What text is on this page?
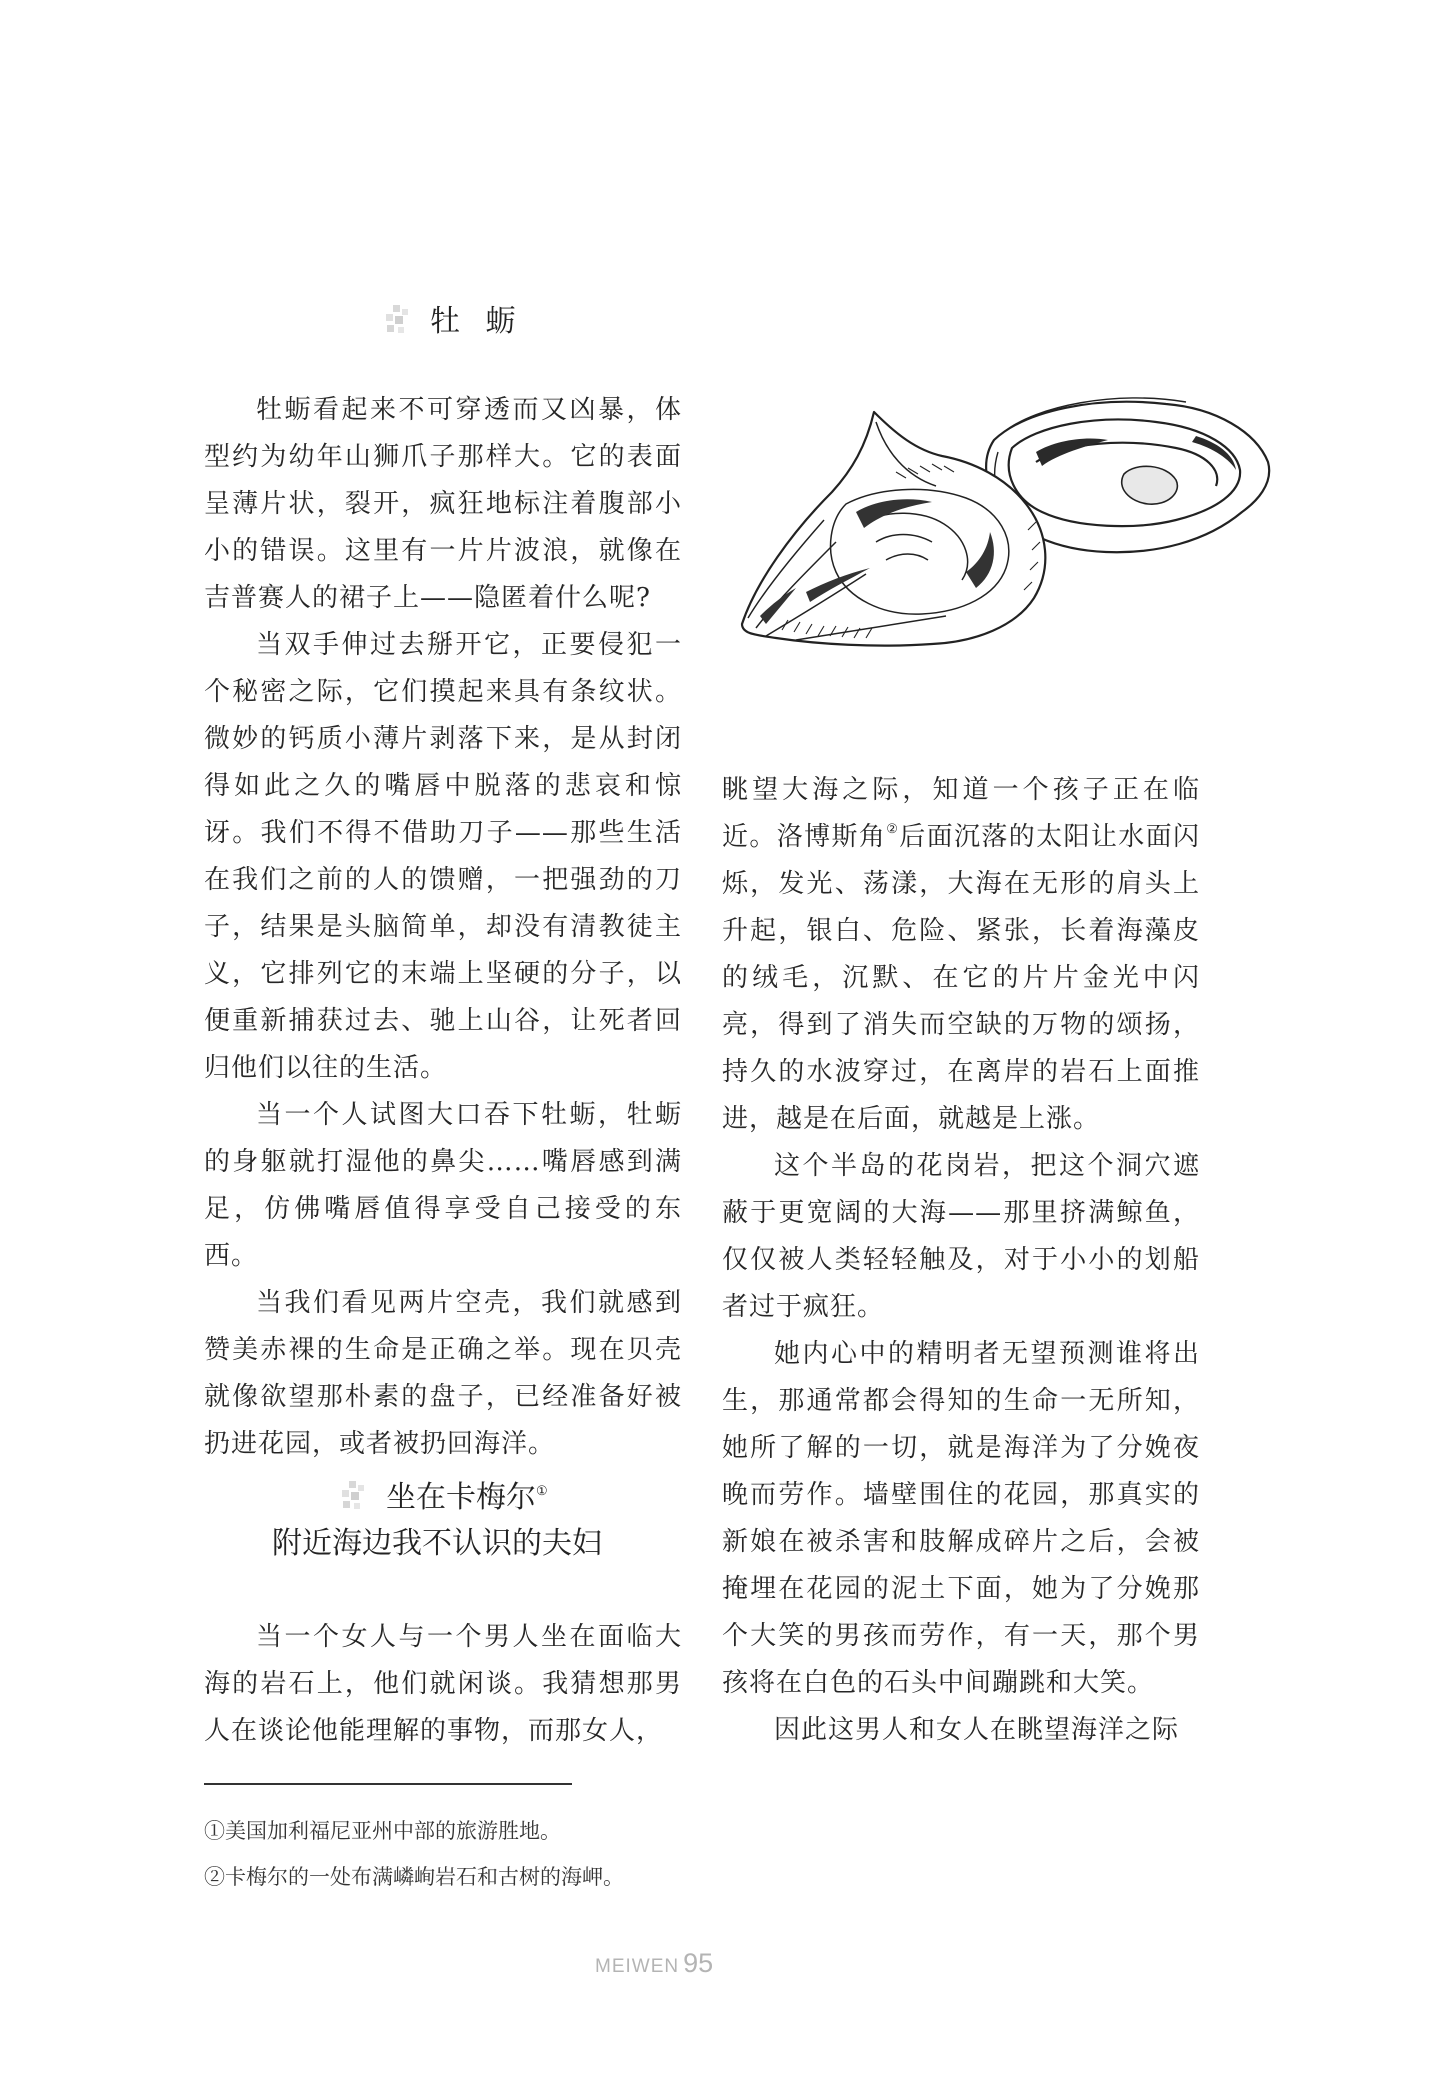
牡 蛎

牡蛎看起来不可穿透而又凶暴，体型约为幼年山狮爪子那样大。它的表面呈薄片状，裂开，疯狂地标注着腹部小小的错误。这里有一片片波浪，就像在吉普赛人的裙子上——隐匿着什么呢?

当双手伸过去掰开它，正要侵犯一个秘密之际，它们摸起来具有条纹状。微妙的钙质小薄片剥落下来，是从封闭得如此之久的嘴唇中脱落的悲哀和惊讶。我们不得不借助刀子——那些生活在我们之前的人的馈赠，一把强劲的刀子，结果是头脑简单，却没有清教徒主义，它排列它的末端上坚硬的分子，以便重新捕获过去、驰上山谷，让死者回归他们以往的生活。

当一个人试图大口吞下牡蛎，牡蛎的身躯就打湿他的鼻尖……嘴唇感到满足，仿佛嘴唇值得享受自己接受的东西。

当我们看见两片空壳，我们就感到赞美赤裸的生命是正确之举。现在贝壳就像欲望那朴素的盘子，已经准备好被扔进花园，或者被扔回海洋。

坐在卡梅尔①
附近海边我不认识的夫妇

当一个女人与一个男人坐在面临大海的岩石上，他们就闲谈。我猜想那男人在谈论他能理解的事物，而那女人，

眺望大海之际，知道一个孩子正在临近。洛博斯角②后面沉落的太阳让水面闪烁，发光、荡漾，大海在无形的肩头上升起，银白、危险、紧张，长着海藻皮的绒毛，沉默、在它的片片金光中闪亮，得到了消失而空缺的万物的颂扬，持久的水波穿过，在离岸的岩石上面推进，越是在后面，就越是上涨。

这个半岛的花岗岩，把这个洞穴遮蔽于更宽阔的大海——那里挤满鲸鱼，仅仅被人类轻轻触及，对于小小的划船者过于疯狂。

她内心中的精明者无望预测谁将出生，那通常都会得知的生命一无所知，她所了解的一切，就是海洋为了分娩夜晚而劳作。墙壁围住的花园，那真实的新娘在被杀害和肢解成碎片之后，会被掩埋在花园的泥土下面，她为了分娩那个大笑的男孩而劳作，有一天，那个男孩将在白色的石头中间蹦跳和大笑。

因此这男人和女人在眺望海洋之际

①美国加利福尼亚州中部的旅游胜地。
②卡梅尔的一处布满嶙峋岩石和古树的海岬。
MEIWEN 95
